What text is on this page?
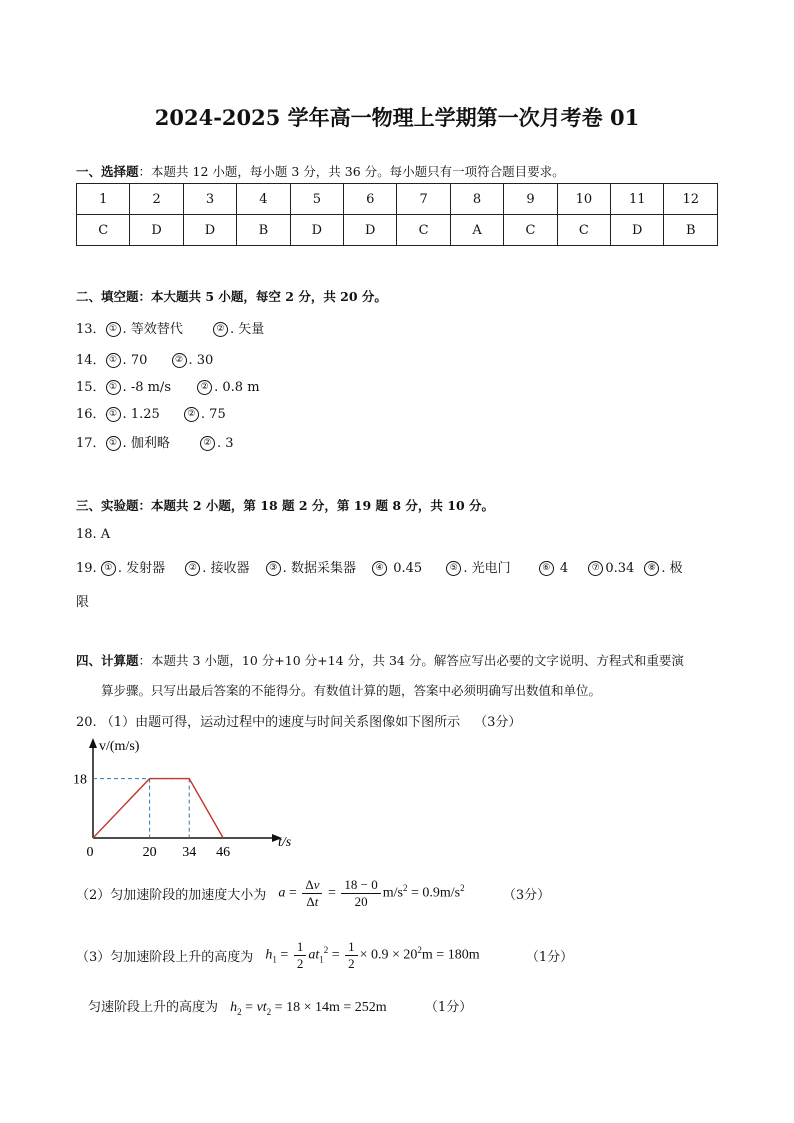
2024-2025 学年高一物理上学期第一次月考卷 01
一、选择题：本题共 12 小题，每小题 3 分，共 36 分。每小题只有一项符合题目要求。
1	2	3	4	5	6	7	8	9	10	11	12
C	D	D	B	D	D	C	A	C	C	D	B
二、填空题：本大题共 5 小题，每空 2 分，共 20 分。
13． ① . 等效替代	② . 矢量
14． ① . 70	② . 30
15． ① . -8 m/s	② . 0.8 m
16． ① . 1.25	② . 75
17． ① . 伽利略	② . 3
三、实验题：本题共 2 小题，第 18 题 2 分，第 19 题 8 分，共 10 分。
18. A
19. ① . 发射器	② . 接收器 ③ . 数据采集器 ④ 0.45	⑤ . 光电门	⑥ 4	⑦ 0.34 ⑧ . 极
限
四、计算题：本题共 3 小题，10 分+10 分+14 分，共 34 分。解答应写出必要的文字说明、方程式和重要演
算步骤。只写出最后答案的不能得分。有数值计算的题，答案中必须明确写出数值和单位。
20. （1）由题可得，运动过程中的速度与时间关系图像如下图所示 （3分）
0	20 34 46
18
t/s
v/(m/s)
（2）匀加速阶段的加速度大小为 $a = \frac{\Delta v}{\Delta t} = \frac{18 - 0}{20} m/s^2 = 0.9m/s^2$	（3分）
（3）匀加速阶段上升的高度为 $h_1 = \frac{1}{2} at_1^2 = \frac{1}{2} \times 0.9 \times 20^2m = 180m$	（1分）
匀速阶段上升的高度为 $h_2 = vt_2 = 18 \times 14m = 252m$	（1分）
